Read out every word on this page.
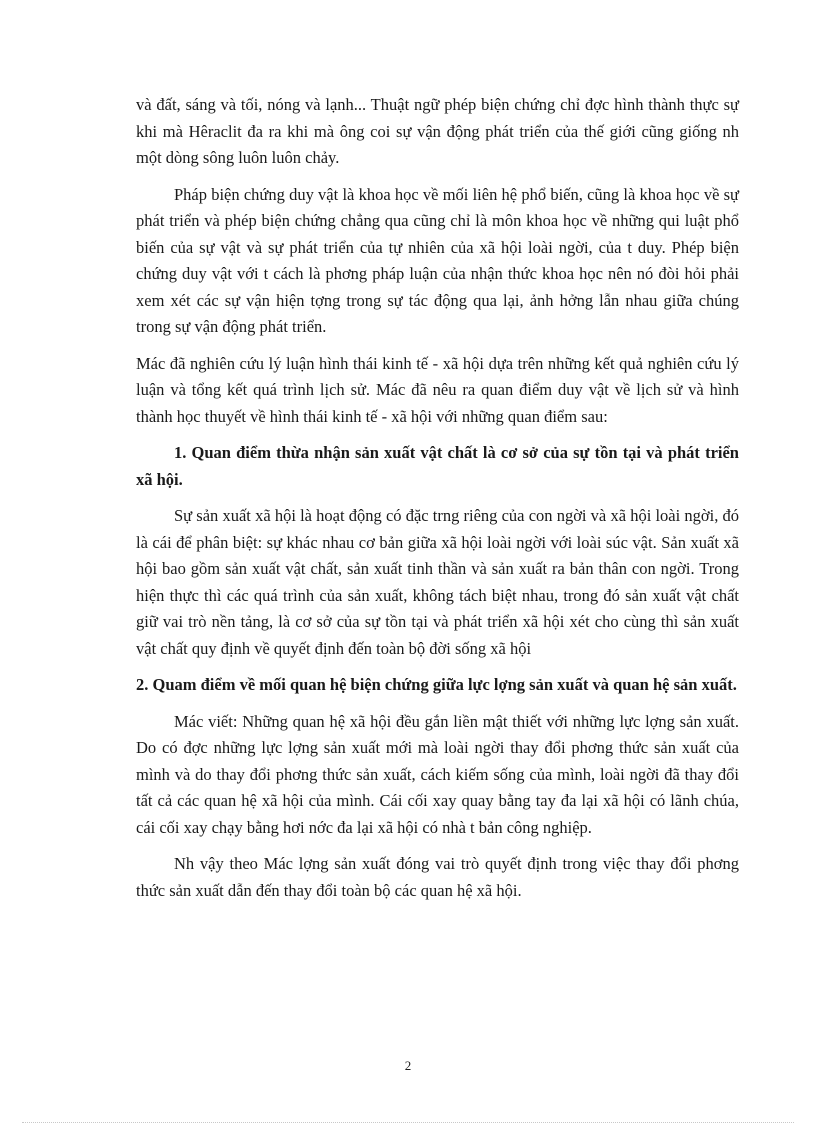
và đất, sáng và tối, nóng và lạnh... Thuật ngữ phép biện chứng chỉ đợc hình thành thực sự khi mà Hêraclit đa ra khi mà ông coi sự vận động phát triển của thế giới cũng giống nh một dòng sông luôn luôn chảy.

Pháp biện chứng duy vật là khoa học về mối liên hệ phổ biến, cũng là khoa học về sự phát triển và phép biện chứng chẳng qua cũng chỉ là môn khoa học về những qui luật phổ biến của sự vật và sự phát triển của tự nhiên của xã hội loài ngời, của t duy. Phép biện chứng duy vật với t cách là phơng pháp luận của nhận thức khoa học nên nó đòi hỏi phải xem xét các sự vận hiện tợng trong sự tác động qua lại, ảnh hởng lẫn nhau giữa chúng trong sự vận động phát triển.

Mác đã nghiên cứu lý luận hình thái kinh tế - xã hội dựa trên những kết quả nghiên cứu lý luận và tổng kết quá trình lịch sử. Mác đã nêu ra quan điểm duy vật về lịch sử và hình thành học thuyết về hình thái kinh tế - xã hội với những quan điểm sau:

1. Quan điểm thừa nhận sản xuất vật chất là cơ sở của sự tồn tại và phát triển xã hội.

Sự sản xuất xã hội là hoạt động có đặc trng riêng của con ngời và xã hội loài ngời, đó là cái để phân biệt: sự khác nhau cơ bản giữa xã hội loài ngời với loài súc vật. Sản xuất xã hội bao gồm sản xuất vật chất, sản xuất tinh thần và sản xuất ra bản thân con ngời. Trong hiện thực thì các quá trình của sản xuất, không tách biệt nhau, trong đó sản xuất vật chất giữ vai trò nền tảng, là cơ sở của sự tồn tại và phát triển xã hội xét cho cùng thì sản xuất vật chất quy định về quyết định đến toàn bộ đời sống xã hội

2. Quam điểm về mối quan hệ biện chứng giữa lực lợng sản xuất và quan hệ sản xuất.

Mác viết: Những quan hệ xã hội đều gắn liền mật thiết với những lực lợng sản xuất. Do có đợc những lực lợng sản xuất mới mà loài ngời thay đổi phơng thức sản xuất của mình và do thay đổi phơng thức sản xuất, cách kiếm sống của mình, loài ngời đã thay đổi tất cả các quan hệ xã hội của mình. Cái cối xay quay bằng tay đa lại xã hội có lãnh chúa, cái cối xay chạy bằng hơi nớc đa lại xã hội có nhà t bản công nghiệp.

Nh vậy theo Mác lợng sản xuất đóng vai trò quyết định trong việc thay đổi phơng thức sản xuất dẫn đến thay đổi toàn bộ các quan hệ xã hội.

2
